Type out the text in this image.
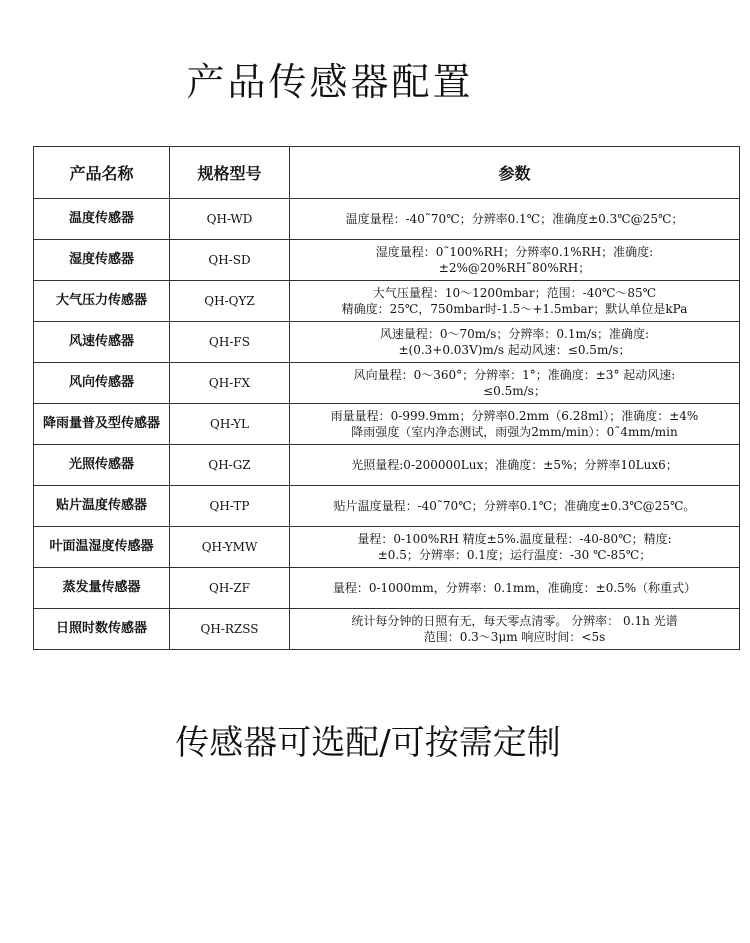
产品传感器配置
产品名称	规格型号	参数
温度传感器	QH-WD	温度量程：-40˜70℃；分辨率0.1℃；准确度±0.3℃@25℃；

湿度传感器	QH-SD	湿度量程：0˜100%RH；分辨率0.1%RH；准确度:
±2%@20%RH˜80%RH；

大气压力传感器	QH-QYZ	大气压量程：10～1200mbar；范围：-40℃～85℃
精确度：25℃，750mbar时-1.5～+1.5mbar；默认单位是kPa

风速传感器	QH-FS	风速量程：0～70m/s；分辨率：0.1m/s；准确度:
±(0.3+0.03V)m/s 起动风速：≤0.5m/s；

风向传感器	QH-FX	风向量程：0～360°；分辨率：1°；准确度：±3° 起动风速:
≤0.5m/s；

降雨量普及型传感器	QH-YL	雨量量程：0-999.9mm；分辨率0.2mm（6.28ml）；准确度：±4%
降雨强度（室内净态测试，雨强为2mm/min）：0˜4mm/min

光照传感器	QH-GZ	光照量程:0-200000Lux；准确度：±5%；分辨率10Lux6；

贴片温度传感器	QH-TP	贴片温度量程：-40˜70℃；分辨率0.1℃；准确度±0.3℃@25℃。

叶面温湿度传感器	QH-YMW	量程：0-100%RH 精度±5%.温度量程：-40-80℃；精度:
±0.5；分辨率：0.1度；运行温度：-30 ℃-85℃；

蒸发量传感器	QH-ZF	量程：0-1000mm，分辨率：0.1mm，准确度：±0.5%（称重式）

日照时数传感器	QH-RZSS	统计每分钟的日照有无，每天零点清零。 分辨率： 0.1h 光谱
范围：0.3～3μm 响应时间：<5s
传感器可选配/可按需定制
